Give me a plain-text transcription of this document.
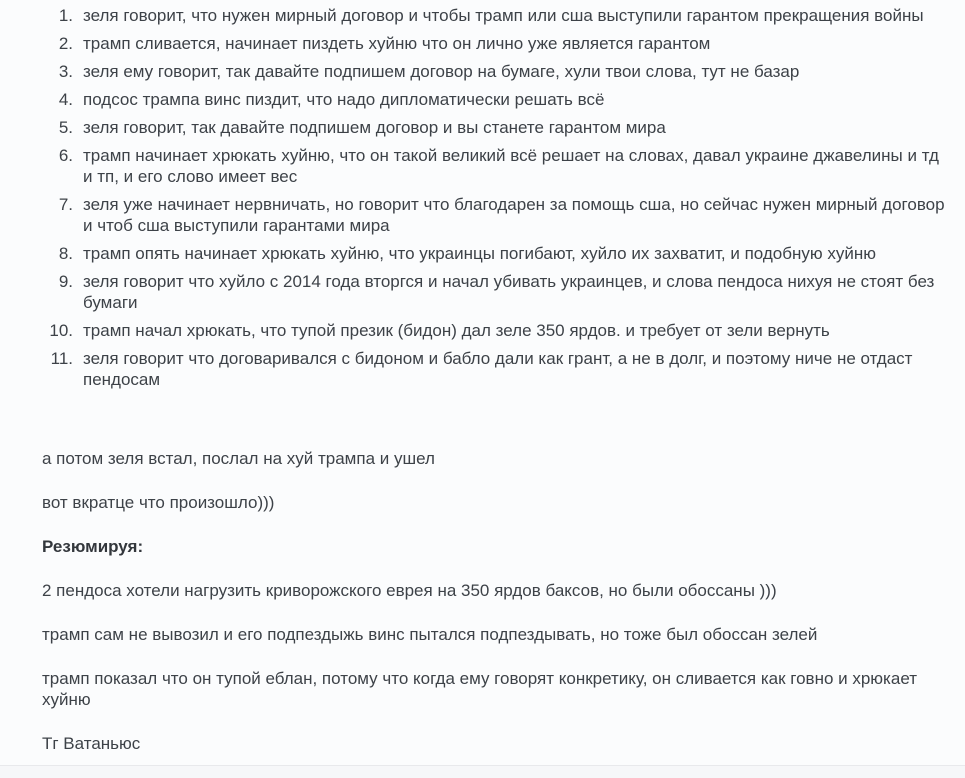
1. зеля говорит, что нужен мирный договор и чтобы трамп или сша выступили гарантом прекращения войны
2. трамп сливается, начинает пиздеть хуйню что он лично уже является гарантом
3. зеля ему говорит, так давайте подпишем договор на бумаге, хули твои слова, тут не базар
4. подсос трампа винс пиздит, что надо дипломатически решать всё
5. зеля говорит, так давайте подпишем договор и вы станете гарантом мира
6. трамп начинает хрюкать хуйню, что он такой великий всё решает на словах, давал украине джавелины и тд и тп, и его слово имеет вес
7. зеля уже начинает нервничать, но говорит что благодарен за помощь сша, но сейчас нужен мирный договор и чтоб сша выступили гарантами мира
8. трамп опять начинает хрюкать хуйню, что украинцы погибают, хуйло их захватит, и подобную хуйню
9. зеля говорит что хуйло с 2014 года вторгся и начал убивать украинцев, и слова пендоса нихуя не стоят без бумаги
10. трамп начал хрюкать, что тупой презик (бидон) дал зеле 350 ярдов. и требует от зели вернуть
11. зеля говорит что договаривался с бидоном и бабло дали как грант, а не в долг, и поэтому ниче не отдаст пендосам

а потом зеля встал, послал на хуй трампа и ушел

вот вкратце что произошло)))

Резюмируя:

2 пендоса хотели нагрузить криворожского еврея на 350 ярдов баксов, но были обоссаны )))

трамп сам не вывозил и его подпездыжь винс пытался подпездывать, но тоже был обоссан зелей

трамп показал что он тупой еблан, потому что когда ему говорят конкретику, он сливается как говно и хрюкает хуйню

Тг Ватаньюс
